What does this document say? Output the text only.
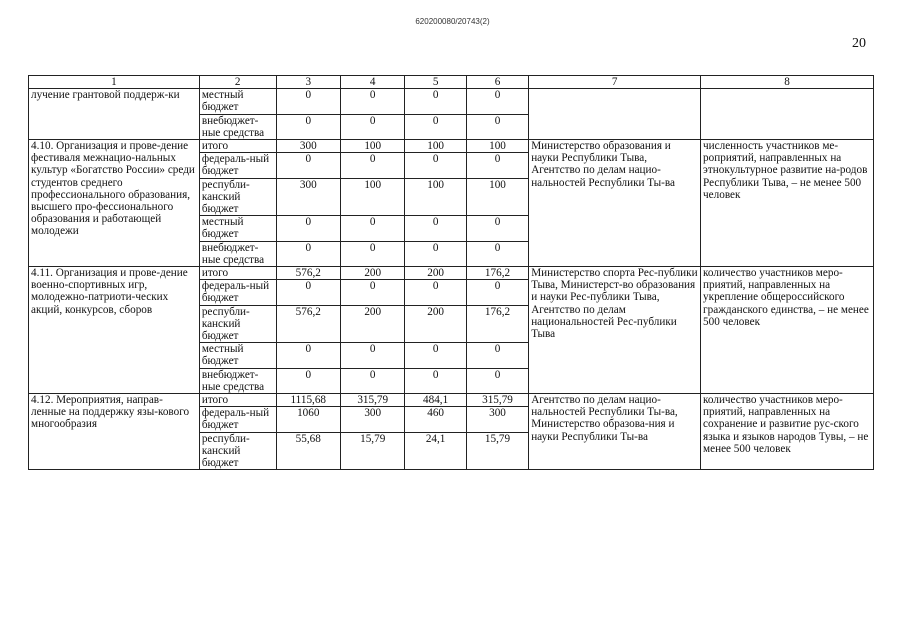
620200080/20743(2)
20
1	2	3	4	5	6	7	8
лучение грантовой поддерж-ки	местный бюджет	0	0	0	0		
	внебюджет-ные средства	0	0	0	0		
4.10. Организация и прове-дение фестиваля межнацио-нальных культур «Богатство России» среди студентов среднего профессионального образования, высшего про-фессионального образования и работающей молодежи	итого	300	100	100	100	Министерство образования и науки Республики Тыва, Агентство по делам нацио-нальностей Республики Ты-ва	численность участников ме-роприятий, направленных на этнокультурное развитие на-родов Республики Тыва, – не менее 500 человек
	федераль-ный бюджет	0	0	0	0		
	республи-канский бюджет	300	100	100	100		
	местный бюджет	0	0	0	0		
	внебюджет-ные средства	0	0	0	0		
4.11. Организация и прове-дение военно-спортивных игр, молодежно-патриоти-ческих акций, конкурсов, сборов	итого	576,2	200	200	176,2	Министерство спорта Рес-публики Тыва, Министерст-во образования и науки Рес-публики Тыва, Агентство по делам национальностей Рес-публики Тыва	количество участников меро-приятий, направленных на укрепление общероссийского гражданского единства, – не менее 500 человек
	федераль-ный бюджет	0	0	0	0		
	республи-канский бюджет	576,2	200	200	176,2		
	местный бюджет	0	0	0	0		
	внебюджет-ные средства	0	0	0	0		
4.12. Мероприятия, направ-ленные на поддержку язы-кового многообразия	итого	1115,68	315,79	484,1	315,79	Агентство по делам нацио-нальностей Республики Ты-ва, Министерство образова-ния и науки Республики Ты-ва	количество участников меро-приятий, направленных на сохранение и развитие рус-ского языка и языков народов Тувы, – не менее 500 человек
	федераль-ный бюджет	1060	300	460	300		
	республи-канский бюджет	55,68	15,79	24,1	15,79		
